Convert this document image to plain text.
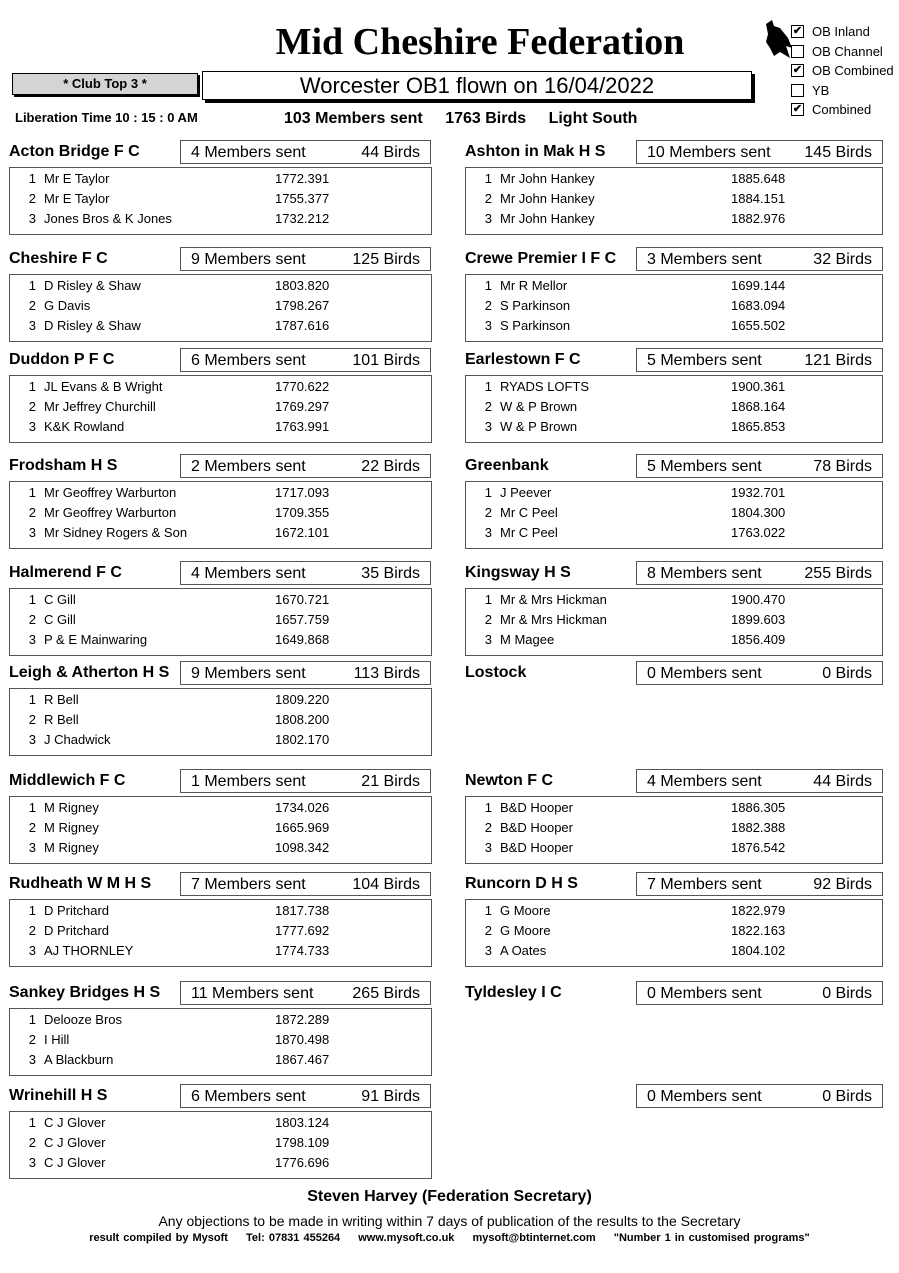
Mid Cheshire Federation	✔ OB Inland
OB Channel
✔ OB Combined
YB
✔ Combined
* Club Top 3 *	Worcester OB1 flown on 16/04/2022
Liberation Time 10 : 15 : 0 AM	103 Members sent 1763 Birds Light South
Acton Bridge F C	4 Members sent	44 Birds
1 Mr E Taylor	1772.391
2 Mr E Taylor	1755.377
3 Jones Bros & K Jones	1732.212
Ashton in Mak H S	10 Members sent 145 Birds
1 Mr John Hankey	1885.648
2 Mr John Hankey	1884.151
3 Mr John Hankey	1882.976
Cheshire F C	9 Members sent	125 Birds
1 D Risley & Shaw	1803.820
2 G Davis	1798.267
3 D Risley & Shaw	1787.616
Crewe Premier I F C 3 Members sent	32 Birds
1 Mr R Mellor	1699.144
2 S Parkinson	1683.094
3 S Parkinson	1655.502
Duddon P F C	6 Members sent	101 Birds
1 JL Evans & B Wright	1770.622
2 Mr Jeffrey Churchill	1769.297
3 K&K Rowland	1763.991
Earlestown F C	5 Members sent	121 Birds
1 RYADS LOFTS	1900.361
2 W & P Brown	1868.164
3 W & P Brown	1865.853
Frodsham H S	2 Members sent	22 Birds
1 Mr Geoffrey Warburton	1717.093
2 Mr Geoffrey Warburton	1709.355
3 Mr Sidney Rogers & Son	1672.101
Greenbank	5 Members sent	78 Birds
1 J Peever	1932.701
2 Mr C Peel	1804.300
3 Mr C Peel	1763.022
Halmerend F C	4 Members sent	35 Birds
1 C Gill	1670.721
2 C Gill	1657.759
3 P & E Mainwaring	1649.868
Kingsway H S	8 Members sent	255 Birds
1 Mr & Mrs Hickman	1900.470
2 Mr & Mrs Hickman	1899.603
3 M Magee	1856.409
Leigh & Atherton H S 9 Members sent	113 Birds
1 R Bell	1809.220
2 R Bell	1808.200
3 J Chadwick	1802.170
Lostock	0 Members sent	0 Birds
Middlewich F C	1 Members sent	21 Birds
1 M Rigney	1734.026
2 M Rigney	1665.969
3 M Rigney	1098.342
Newton F C	4 Members sent	44 Birds
1 B&D Hooper	1886.305
2 B&D Hooper	1882.388
3 B&D Hooper	1876.542
Rudheath W M H S 7 Members sent	104 Birds
1 D Pritchard	1817.738
2 D Pritchard	1777.692
3 AJ THORNLEY	1774.733
Runcorn D H S	7 Members sent	92 Birds
1 G Moore	1822.979
2 G Moore	1822.163
3 A Oates	1804.102
Sankey Bridges H S 11 Members sent 265 Birds
1 Delooze Bros	1872.289
2 I Hill	1870.498
3 A Blackburn	1867.467
Tyldesley I C	0 Members sent	0 Birds
Wrinehill H S	6 Members sent	91 Birds
1 C J Glover	1803.124
2 C J Glover	1798.109
3 C J Glover	1776.696
0 Members sent	0 Birds
Steven Harvey (Federation Secretary)
Any objections to be made in writing within 7 days of publication of the results to the Secretary
result compiled by Mysoft Tel: 07831 455264 www.mysoft.co.uk mysoft@btinternet.com "Number 1 in customised programs"
